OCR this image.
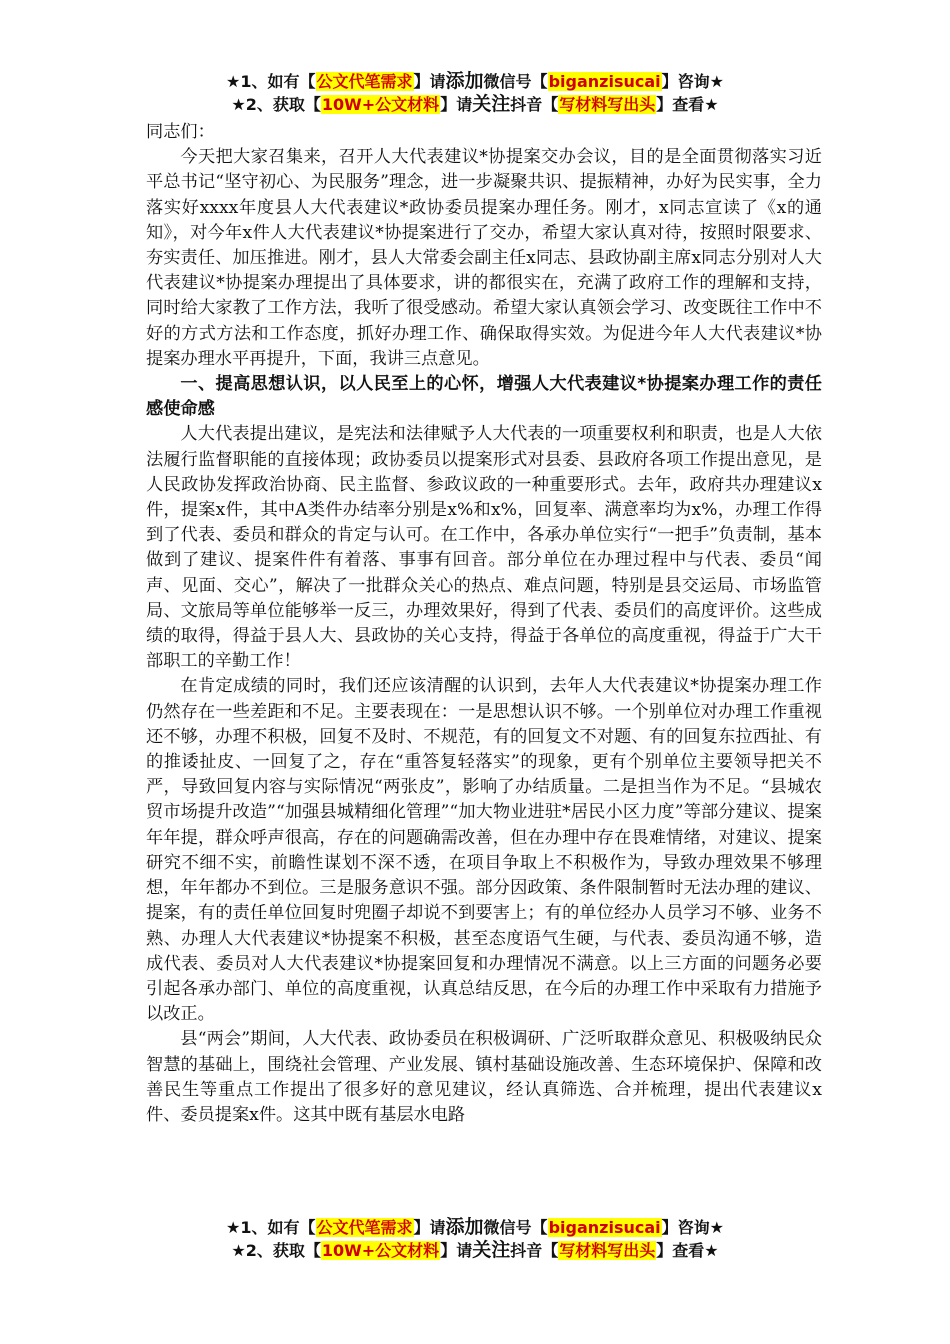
★1、如有【公文代笔需求】请添加微信号【biganzisucai】咨询★
★2、获取【10W+公文材料】请关注抖音【写材料写出头】查看★

同志们：

今天把大家召集来，召开人大代表建议*协提案交办会议，目的是全面贯彻落实习近平总书记“坚守初心、为民服务”理念，进一步凝聚共识、提振精神，办好为民实事，全力落实好xxxx年度县人大代表建议*政协委员提案办理任务。刚才，x同志宣读了《x的通知》，对今年x件人大代表建议*协提案进行了交办，希望大家认真对待，按照时限要求、夯实责任、加压推进。刚才，县人大常委会副主任x同志、县政协副主席x同志分别对人大代表建议*协提案办理提出了具体要求，讲的都很实在，充满了政府工作的理解和支持，同时给大家教了工作方法，我听了很受感动。希望大家认真领会学习、改变既往工作中不好的方式方法和工作态度，抓好办理工作、确保取得实效。为促进今年人大代表建议*协提案办理水平再提升，下面，我讲三点意见。

一、提高思想认识，以人民至上的心怀，增强人大代表建议*协提案办理工作的责任感使命感

人大代表提出建议，是宪法和法律赋予人大代表的一项重要权利和职责，也是人大依法履行监督职能的直接体现；政协委员以提案形式对县委、县政府各项工作提出意见，是人民政协发挥政治协商、民主监督、参政议政的一种重要形式。去年，政府共办理建议x件，提案x件，其中A类件办结率分别是x%和x%，回复率、满意率均为x%，办理工作得到了代表、委员和群众的肯定与认可。在工作中，各承办单位实行“一把手”负责制，基本做到了建议、提案件件有着落、事事有回音。部分单位在办理过程中与代表、委员“闻声、见面、交心”，解决了一批群众关心的热点、难点问题，特别是县交运局、市场监管局、文旅局等单位能够举一反三，办理效果好，得到了代表、委员们的高度评价。这些成绩的取得，得益于县人大、县政协的关心支持，得益于各单位的高度重视，得益于广大干部职工的辛勤工作！

在肯定成绩的同时，我们还应该清醒的认识到，去年人大代表建议*协提案办理工作仍然存在一些差距和不足。主要表现在：一是思想认识不够。一个别单位对办理工作重视还不够，办理不积极，回复不及时、不规范，有的回复文不对题、有的回复东拉西扯、有的推诿扯皮、一回复了之，存在“重答复轻落实”的现象，更有个别单位主要领导把关不严，导致回复内容与实际情况“两张皮”，影响了办结质量。二是担当作为不足。“县城农贸市场提升改造”“加强县城精细化管理”“加大物业进驻*居民小区力度”等部分建议、提案年年提，群众呼声很高，存在的问题确需改善，但在办理中存在畏难情绪，对建议、提案研究不细不实，前瞻性谋划不深不透，在项目争取上不积极作为，导致办理效果不够理想，年年都办不到位。三是服务意识不强。部分因政策、条件限制暂时无法办理的建议、提案，有的责任单位回复时兜圈子却说不到要害上；有的单位经办人员学习不够、业务不熟、办理人大代表建议*协提案不积极，甚至态度语气生硬，与代表、委员沟通不够，造成代表、委员对人大代表建议*协提案回复和办理情况不满意。以上三方面的问题务必要引起各承办部门、单位的高度重视，认真总结反思，在今后的办理工作中采取有力措施予以改正。

县“两会”期间，人大代表、政协委员在积极调研、广泛听取群众意见、积极吸纳民众智慧的基础上，围绕社会管理、产业发展、镇村基础设施改善、生态环境保护、保障和改善民生等重点工作提出了很多好的意见建议，经认真筛选、合并梳理，提出代表建议x件、委员提案x件。这其中既有基层水电路

★1、如有【公文代笔需求】请添加微信号【biganzisucai】咨询★
★2、获取【10W+公文材料】请关注抖音【写材料写出头】查看★
